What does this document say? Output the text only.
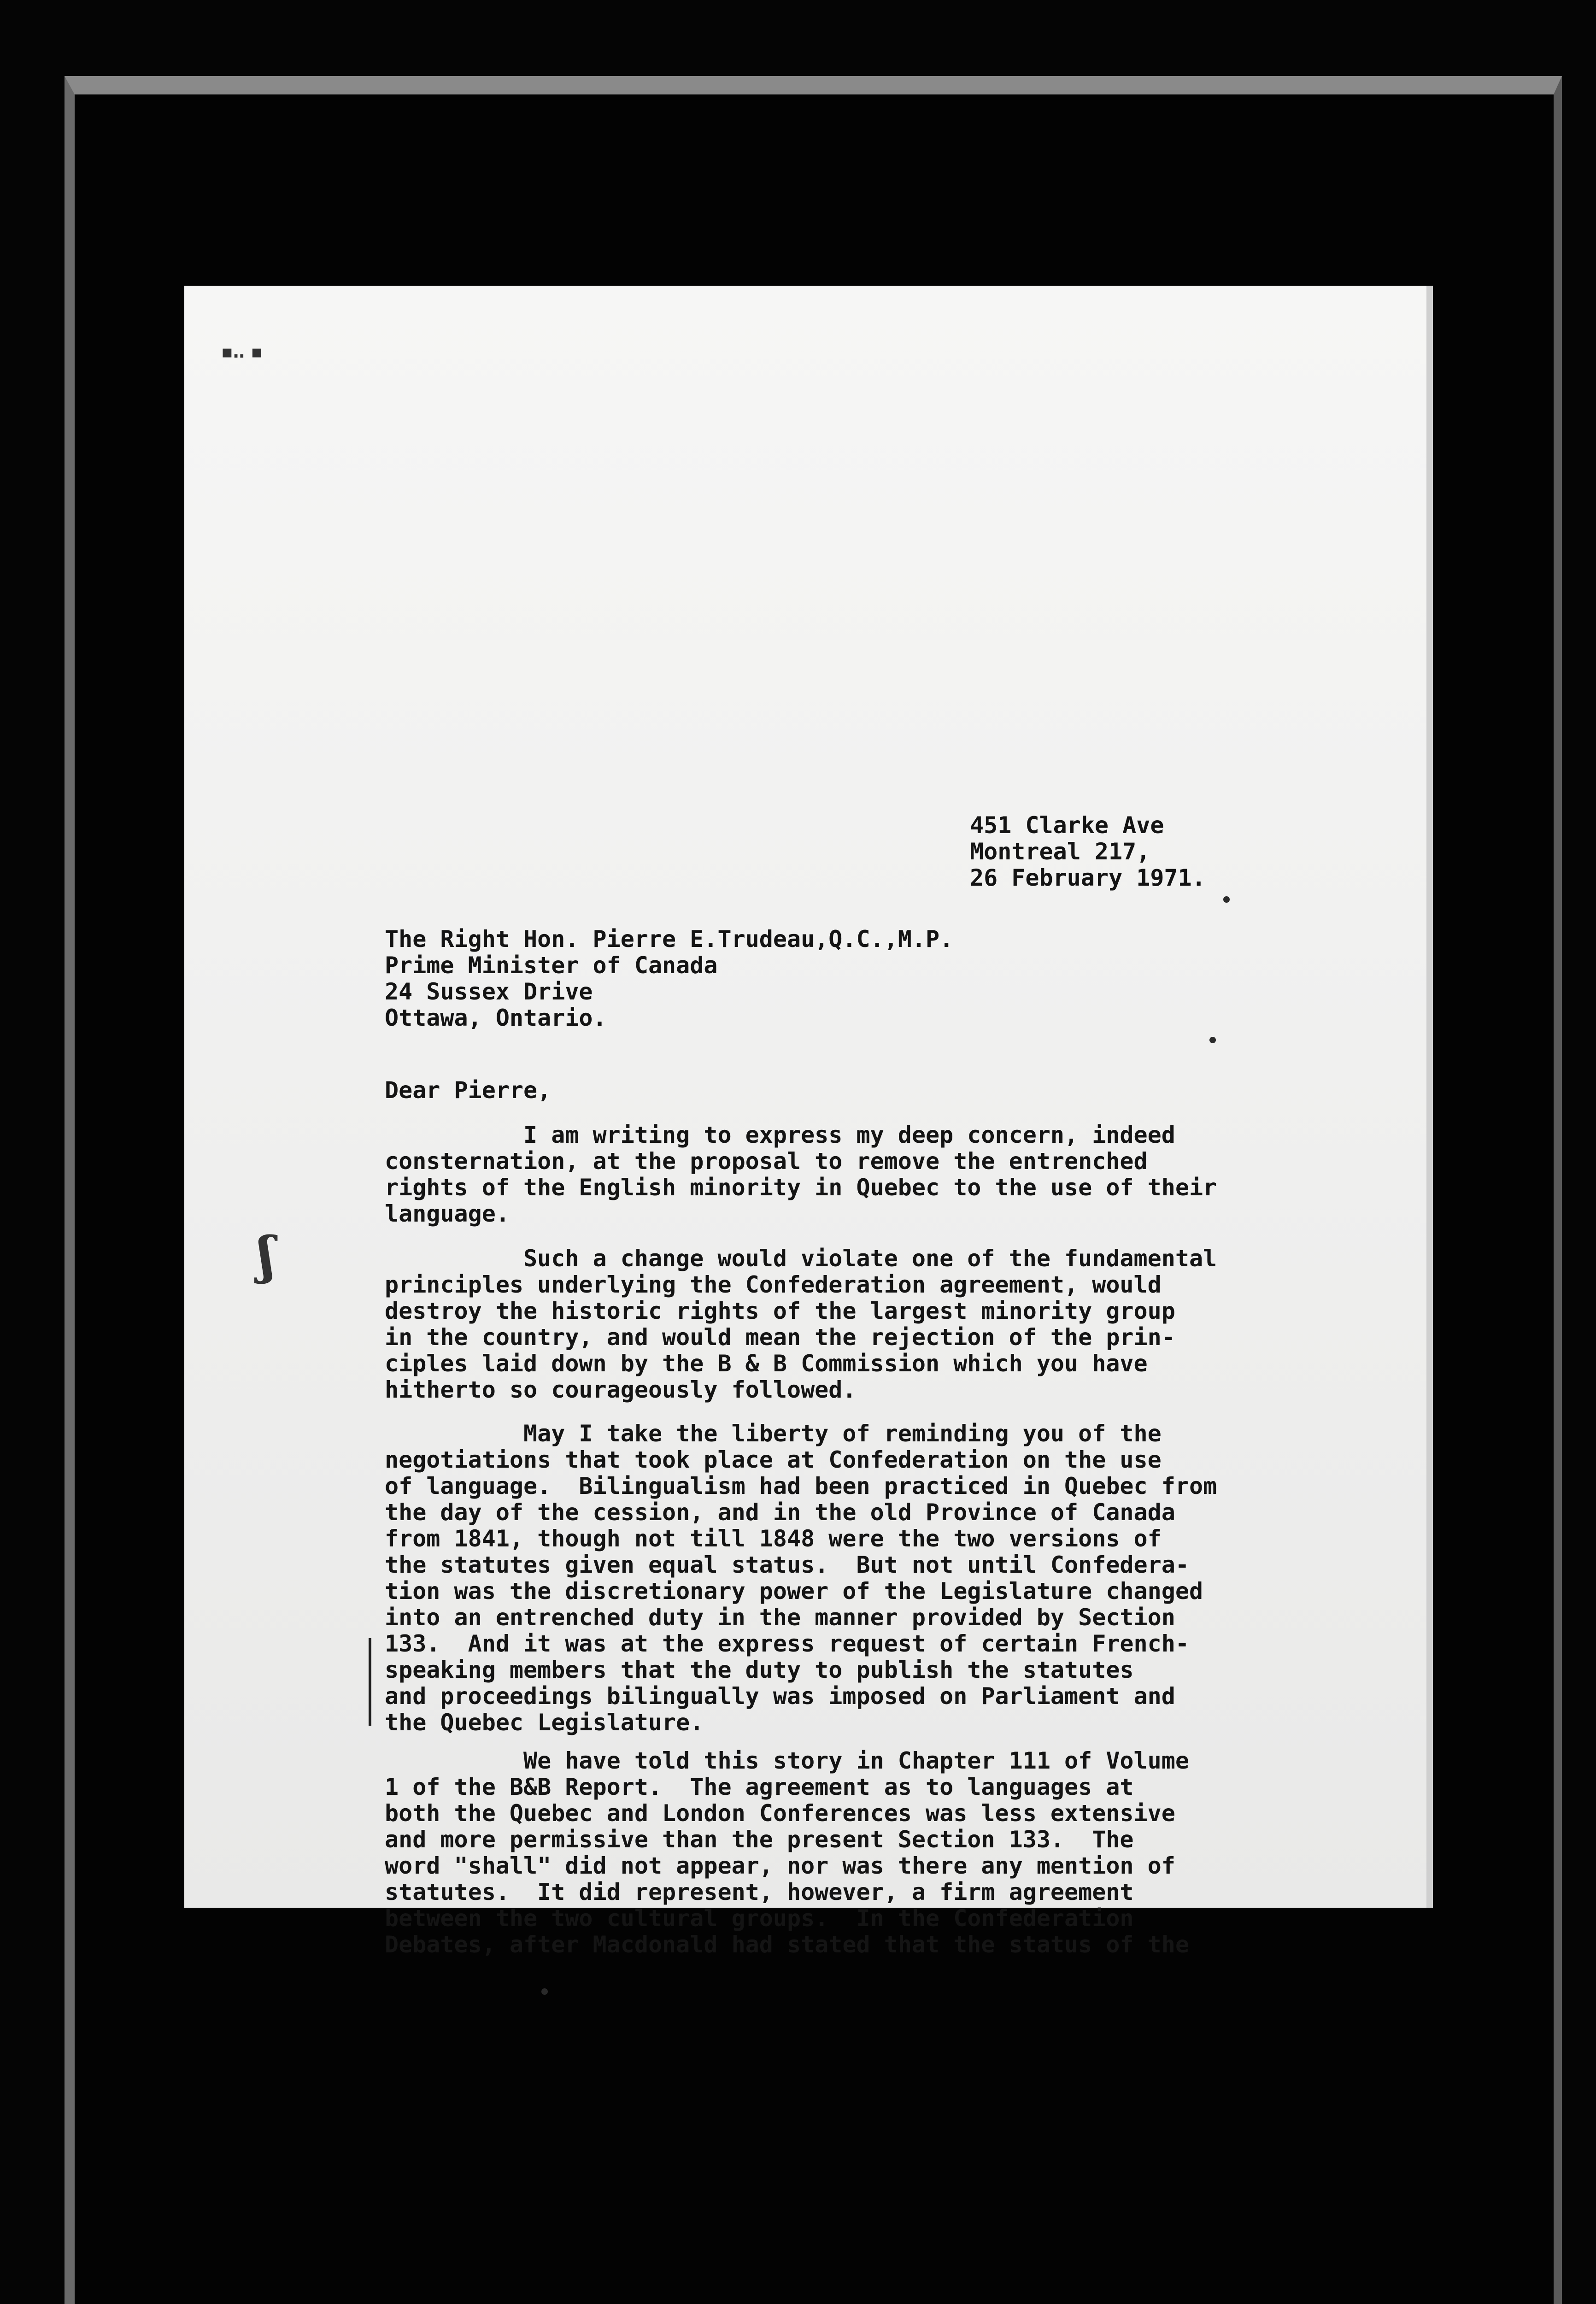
▪‥ ▪
451 Clarke Ave
Montreal 217,
26 February 1971.
The Right Hon. Pierre E.Trudeau,Q.C.,M.P.
Prime Minister of Canada
24 Sussex Drive
Ottawa, Ontario.
Dear Pierre,
I am writing to express my deep concern, indeed
consternation, at the proposal to remove the entrenched
rights of the English minority in Quebec to the use of their
language.
Such a change would violate one of the fundamental
principles underlying the Confederation agreement, would
destroy the historic rights of the largest minority group
in the country, and would mean the rejection of the prin-
ciples laid down by the B & B Commission which you have
hitherto so courageously followed.
May I take the liberty of reminding you of the
negotiations that took place at Confederation on the use
of language.  Bilingualism had been practiced in Quebec from
the day of the cession, and in the old Province of Canada
from 1841, though not till 1848 were the two versions of
the statutes given equal status.  But not until Confedera-
tion was the discretionary power of the Legislature changed
into an entrenched duty in the manner provided by Section
133.  And it was at the express request of certain French-
speaking members that the duty to publish the statutes
and proceedings bilingually was imposed on Parliament and
the Quebec Legislature.
We have told this story in Chapter 111 of Volume
1 of the B&B Report.  The agreement as to languages at
both the Quebec and London Conferences was less extensive
and more permissive than the present Section 133.  The
word "shall" did not appear, nor was there any mention of
statutes.  It did represent, however, a firm agreement
between the two cultural groups.  In the Confederation
Debates, after Macdonald had stated that the status of the
ʃ
